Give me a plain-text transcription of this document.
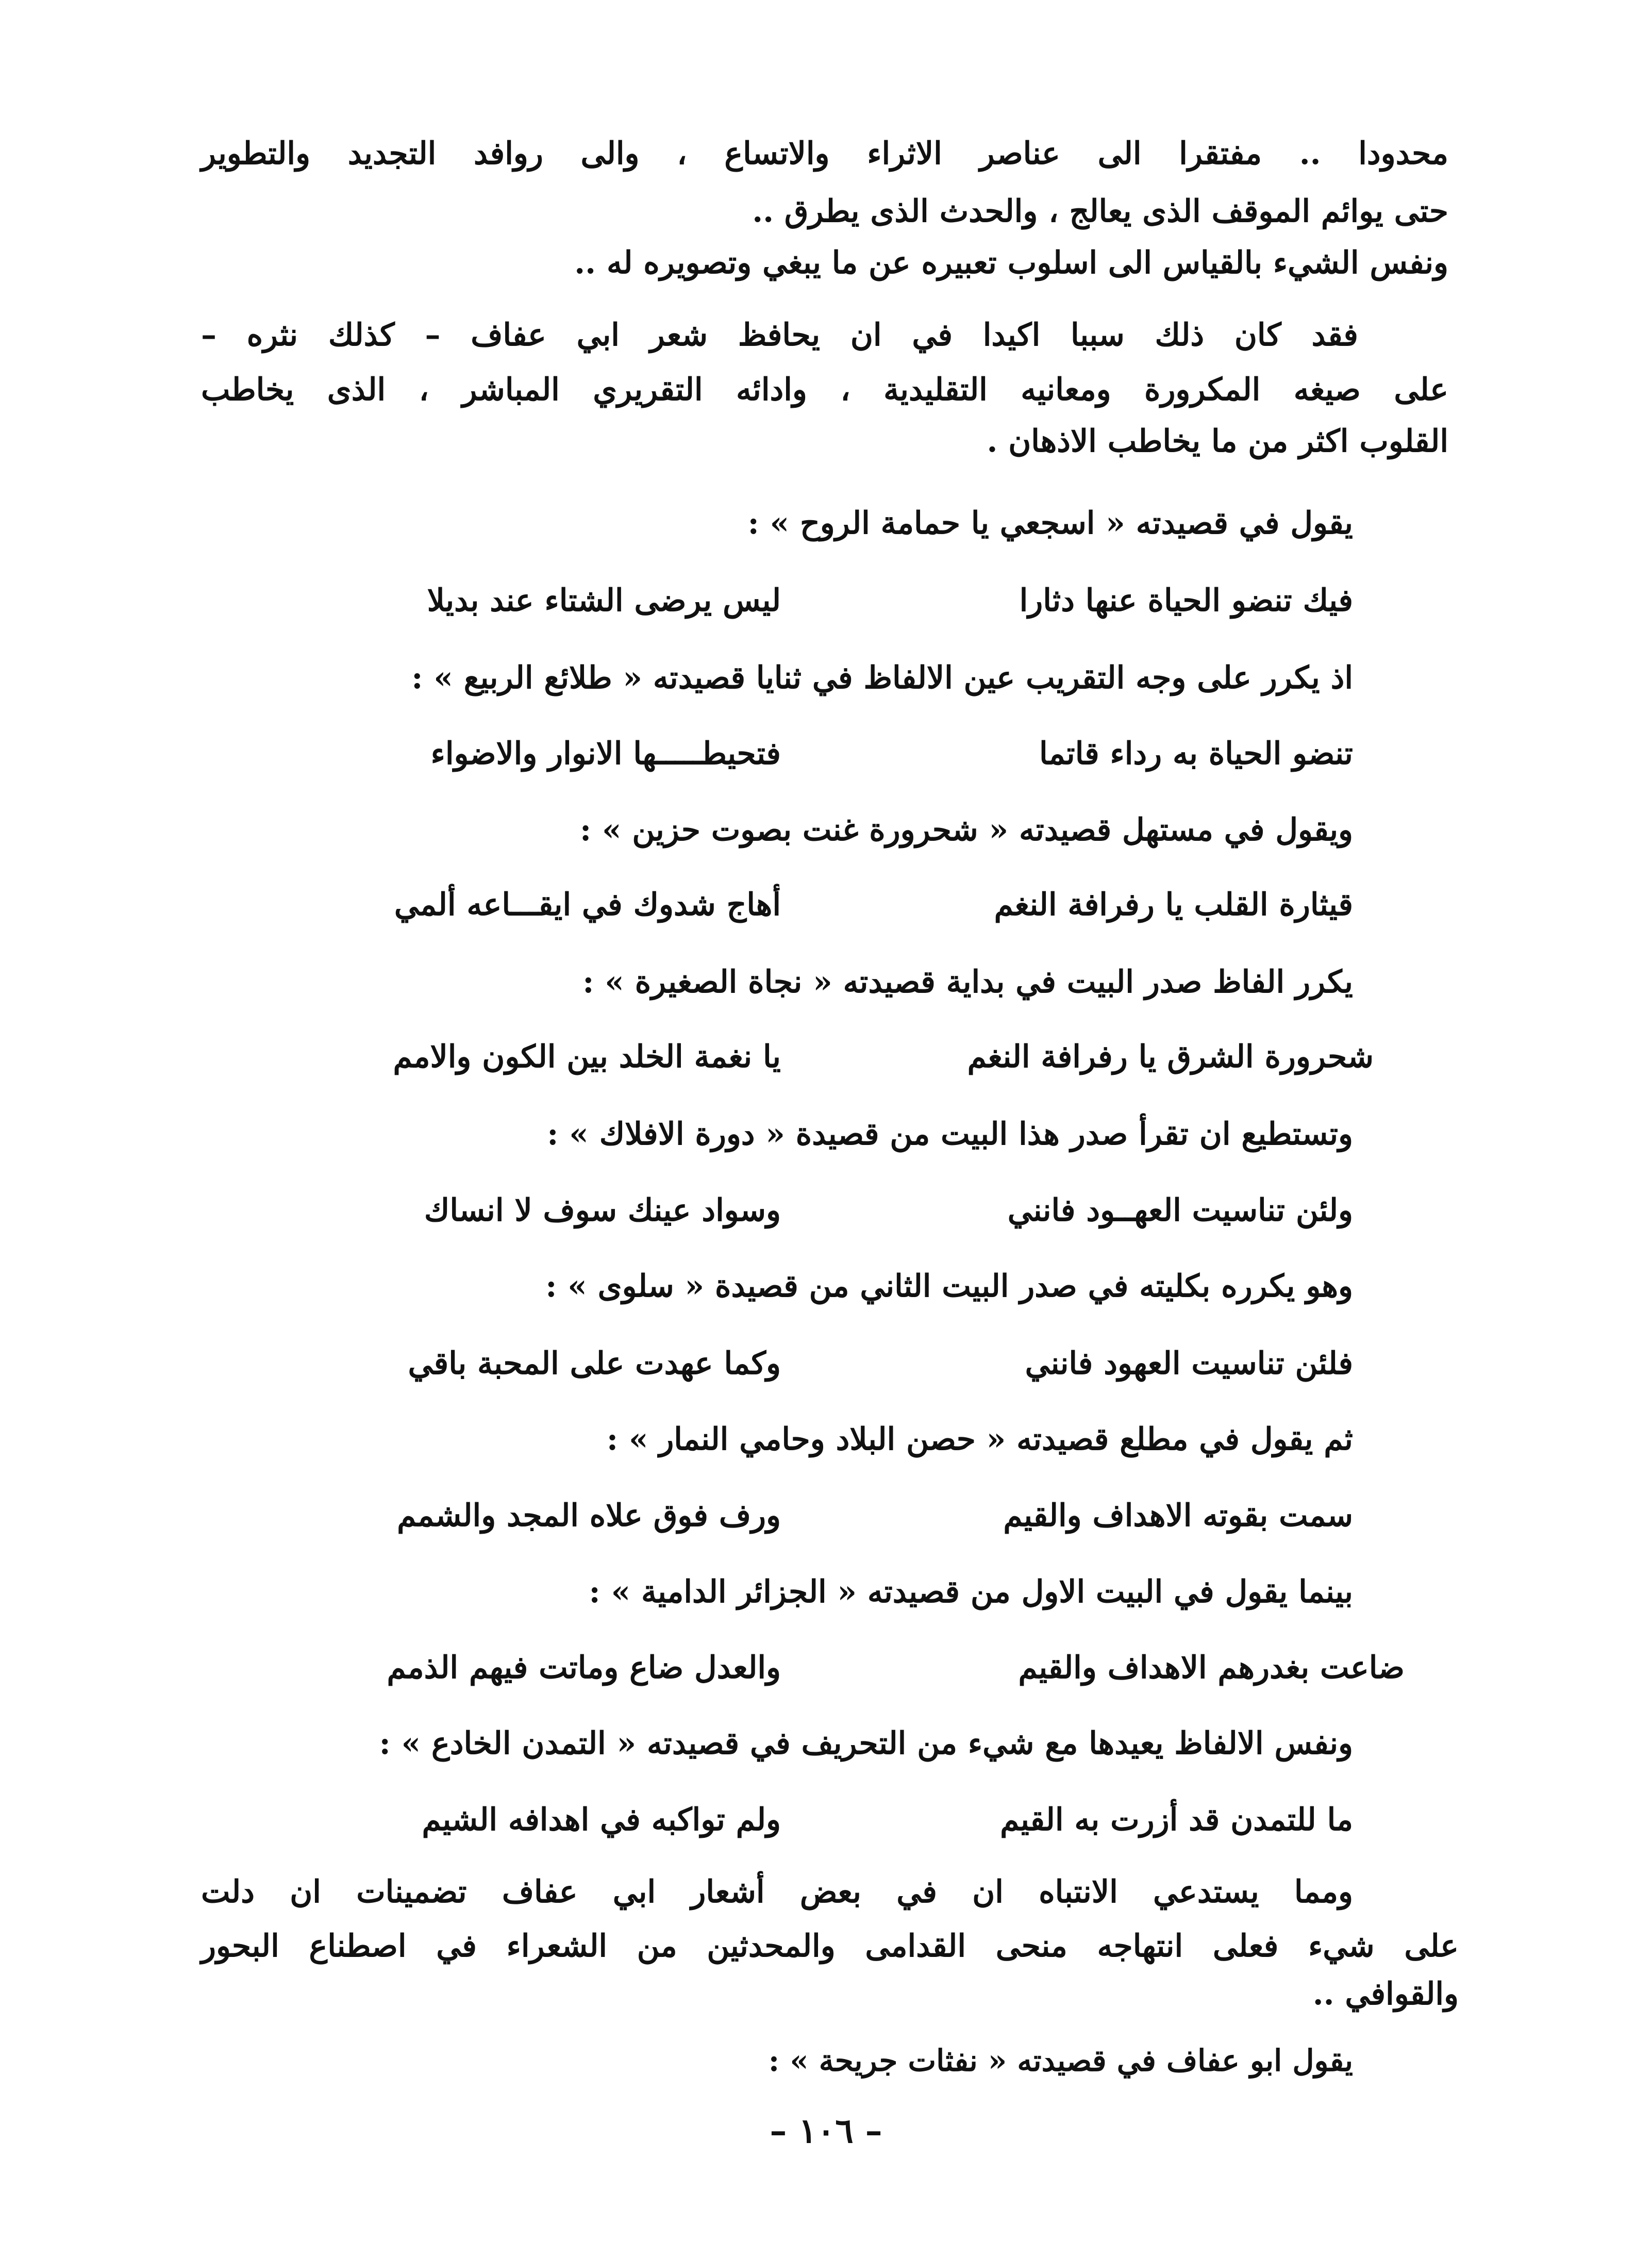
محدودا .. مفتقرا الى عناصر الاثراء والاتساع ، والى روافد التجديد والتطوير
حتى يوائم الموقف الذى يعالج ، والحدث الذى يطرق ..
ونفس الشيء بالقياس الى اسلوب تعبيره عن ما يبغي وتصويره له ..
فقد كان ذلك سببا اكيدا في ان يحافظ شعر ابي عفاف – كذلك نثره –
على صيغه المكرورة ومعانيه التقليدية ، وادائه التقريري المباشر ، الذى يخاطب
القلوب اكثر من ما يخاطب الاذهان .
يقول في قصيدته « اسجعي يا حمامة الروح » :
فيك تنضو الحياة عنها دثارا
ليس يرضى الشتاء عند بديلا
اذ يكرر على وجه التقريب عين الالفاظ في ثنايا قصيدته « طلائع الربيع » :
تنضو الحياة به رداء قاتما
فتحيطـــــها الانوار والاضواء
ويقول في مستهل قصيدته « شحرورة غنت بصوت حزين » :
قيثارة القلب يا رفرافة النغم
أهاج شدوك في ايقـــاعه ألمي
يكرر الفاظ صدر البيت في بداية قصيدته « نجاة الصغيرة » :
شحرورة الشرق يا رفرافة النغم
يا نغمة الخلد بين الكون والامم
وتستطيع ان تقرأ صدر هذا البيت من قصيدة « دورة الافلاك » :
ولئن تناسيت العهــود فانني
وسواد عينك سوف لا انساك
وهو يكرره بكليته في صدر البيت الثاني من قصيدة « سلوى » :
فلئن تناسيت العهود فانني
وكما عهدت على المحبة باقي
ثم يقول في مطلع قصيدته « حصن البلاد وحامي النمار » :
سمت بقوته الاهداف والقيم
ورف فوق علاه المجد والشمم
بينما يقول في البيت الاول من قصيدته « الجزائر الدامية » :
ضاعت بغدرهم الاهداف والقيم
والعدل ضاع وماتت فيهم الذمم
ونفس الالفاظ يعيدها مع شيء من التحريف في قصيدته « التمدن الخادع » :
ما للتمدن قد أزرت به القيم
ولم تواكبه في اهدافه الشيم
ومما يستدعي الانتباه ان في بعض أشعار ابي عفاف تضمينات ان دلت
على شيء فعلى انتهاجه منحى القدامى والمحدثين من الشعراء في اصطناع البحور
والقوافي ..
يقول ابو عفاف في قصيدته « نفثات جريحة » :
– ١٠٦ –
